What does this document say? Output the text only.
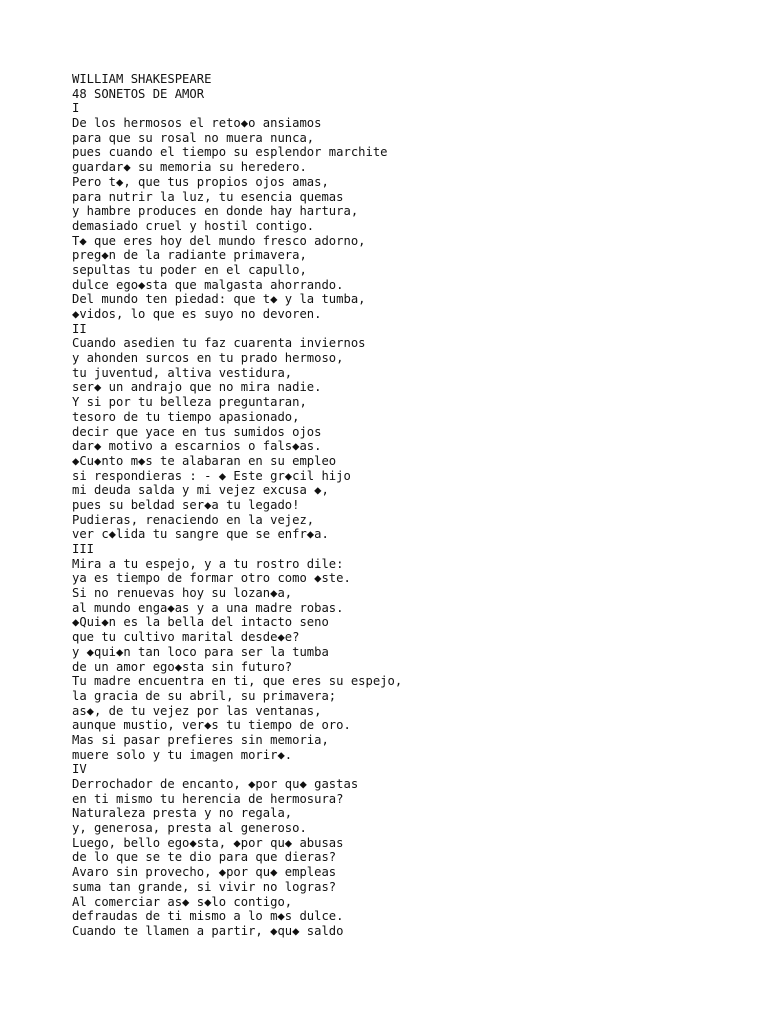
WILLIAM SHAKESPEARE

48 SONETOS DE AMOR

I

De los hermosos el reto◆o ansiamos

para que su rosal no muera nunca,

pues cuando el tiempo su esplendor marchite

guardar◆ su memoria su heredero.

Pero t◆, que tus propios ojos amas,

para nutrir la luz, tu esencia quemas

y hambre produces en donde hay hartura,

demasiado cruel y hostil contigo.

T◆ que eres hoy del mundo fresco adorno,

preg◆n de la radiante primavera,

sepultas tu poder en el capullo,

dulce ego◆sta que malgasta ahorrando.

Del mundo ten piedad: que t◆ y la tumba,

◆vidos, lo que es suyo no devoren.

II

Cuando asedien tu faz cuarenta inviernos

y ahonden surcos en tu prado hermoso,

tu juventud, altiva vestidura,

ser◆ un andrajo que no mira nadie.

Y si por tu belleza preguntaran,

tesoro de tu tiempo apasionado,

decir que yace en tus sumidos ojos

dar◆ motivo a escarnios o fals◆as.

◆Cu◆nto m◆s te alabaran en su empleo

si respondieras : - ◆ Este gr◆cil hijo

mi deuda salda y mi vejez excusa ◆,

pues su beldad ser◆a tu legado!

Pudieras, renaciendo en la vejez,

ver c◆lida tu sangre que se enfr◆a.

III

Mira a tu espejo, y a tu rostro dile:

ya es tiempo de formar otro como ◆ste.

Si no renuevas hoy su lozan◆a,

al mundo enga◆as y a una madre robas.

◆Qui◆n es la bella del intacto seno

que tu cultivo marital desde◆e?

y ◆qui◆n tan loco para ser la tumba

de un amor ego◆sta sin futuro?

Tu madre encuentra en ti, que eres su espejo,

la gracia de su abril, su primavera;

as◆, de tu vejez por las ventanas,

aunque mustio, ver◆s tu tiempo de oro.

Mas si pasar prefieres sin memoria,

muere solo y tu imagen morir◆.

IV

Derrochador de encanto, ◆por qu◆ gastas

en ti mismo tu herencia de hermosura?

Naturaleza presta y no regala,

y, generosa, presta al generoso.

Luego, bello ego◆sta, ◆por qu◆ abusas

de lo que se te dio para que dieras?

Avaro sin provecho, ◆por qu◆ empleas

suma tan grande, si vivir no logras?

Al comerciar as◆ s◆lo contigo,

defraudas de ti mismo a lo m◆s dulce.

Cuando te llamen a partir, ◆qu◆ saldo
